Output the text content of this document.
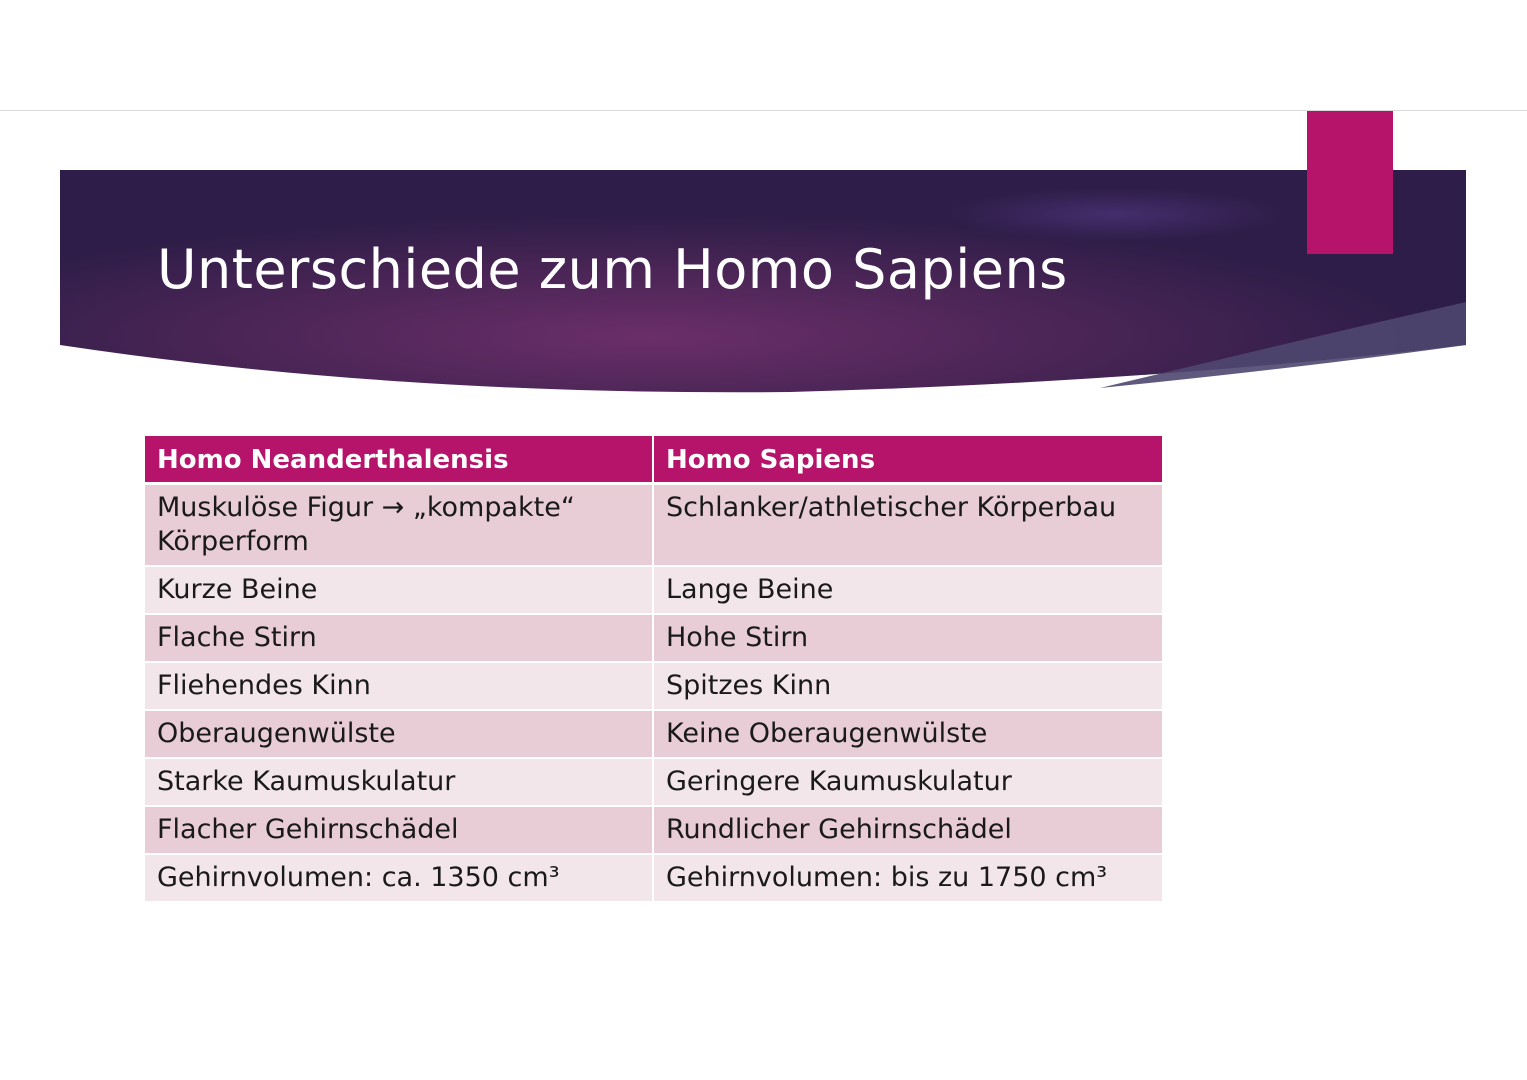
Unterschiede zum Homo Sapiens
Homo Neanderthalensis	Homo Sapiens
Muskulöse Figur → „kompakte“ Körperform	Schlanker/athletischer Körperbau
Kurze Beine	Lange Beine
Flache Stirn	Hohe Stirn
Fliehendes Kinn	Spitzes Kinn
Oberaugenwülste	Keine Oberaugenwülste
Starke Kaumuskulatur	Geringere Kaumuskulatur
Flacher Gehirnschädel	Rundlicher Gehirnschädel
Gehirnvolumen: ca. 1350 cm³	Gehirnvolumen: bis zu 1750 cm³
